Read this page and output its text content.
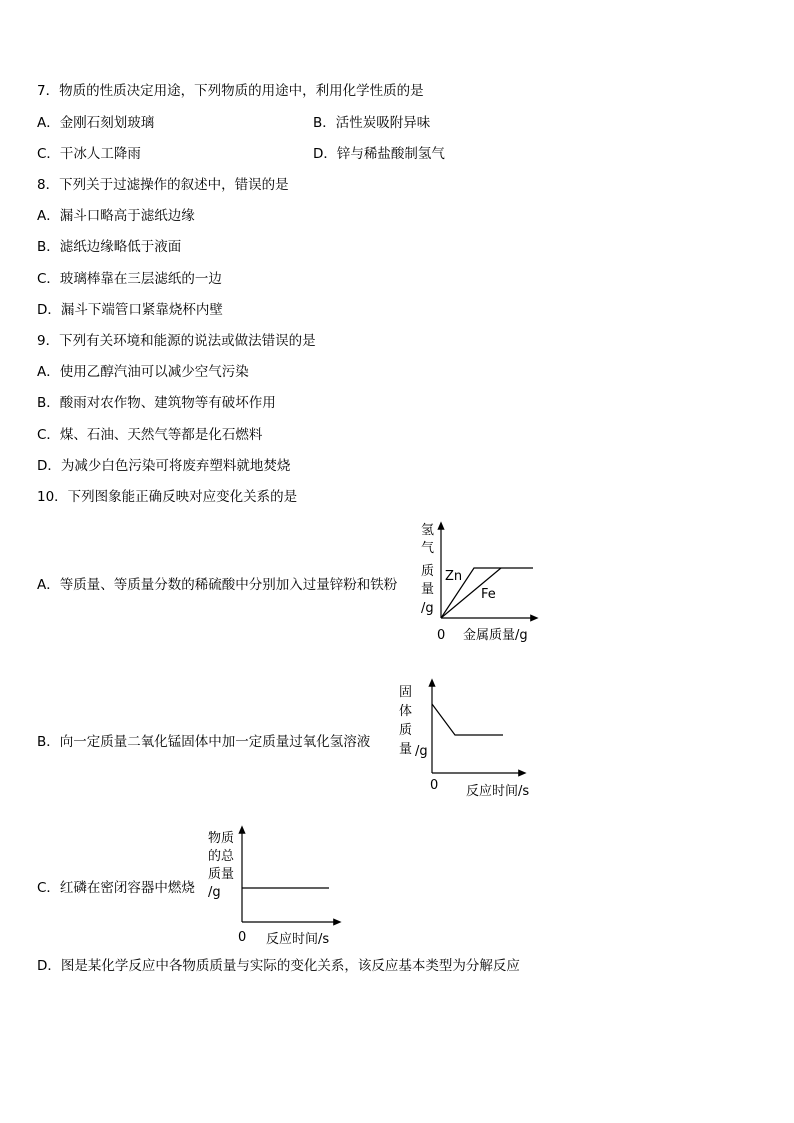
7．物质的性质决定用途，下列物质的用途中，利用化学性质的是
A．金刚石刻划玻璃	B．活性炭吸附异味
C．干冰人工降雨	D．锌与稀盐酸制氢气
8．下列关于过滤操作的叙述中，错误的是
A．漏斗口略高于滤纸边缘
B．滤纸边缘略低于液面
C．玻璃棒靠在三层滤纸的一边
D．漏斗下端管口紧靠烧杯内壁
9．下列有关环境和能源的说法或做法错误的是
A．使用乙醇汽油可以减少空气污染
B．酸雨对农作物、建筑物等有破坏作用
C．煤、石油、天然气等都是化石燃料
D．为减少白色污染可将废弃塑料就地焚烧
10．下列图象能正确反映对应变化关系的是
A．等质量、等质量分数的稀硫酸中分别加入过量锌粉和铁粉
B．向一定质量二氧化锰固体中加一定质量过氧化氢溶液
C．红磷在密闭容器中燃烧
D．图是某化学反应中各物质质量与实际的变化关系，该反应基本类型为分解反应
氢
气
质
量
/g
Zn
Fe
0 金属质量/g
固
体
质
量 /g
0 反应时间/s
物质
的总
质量
/g
0 反应时间/s
